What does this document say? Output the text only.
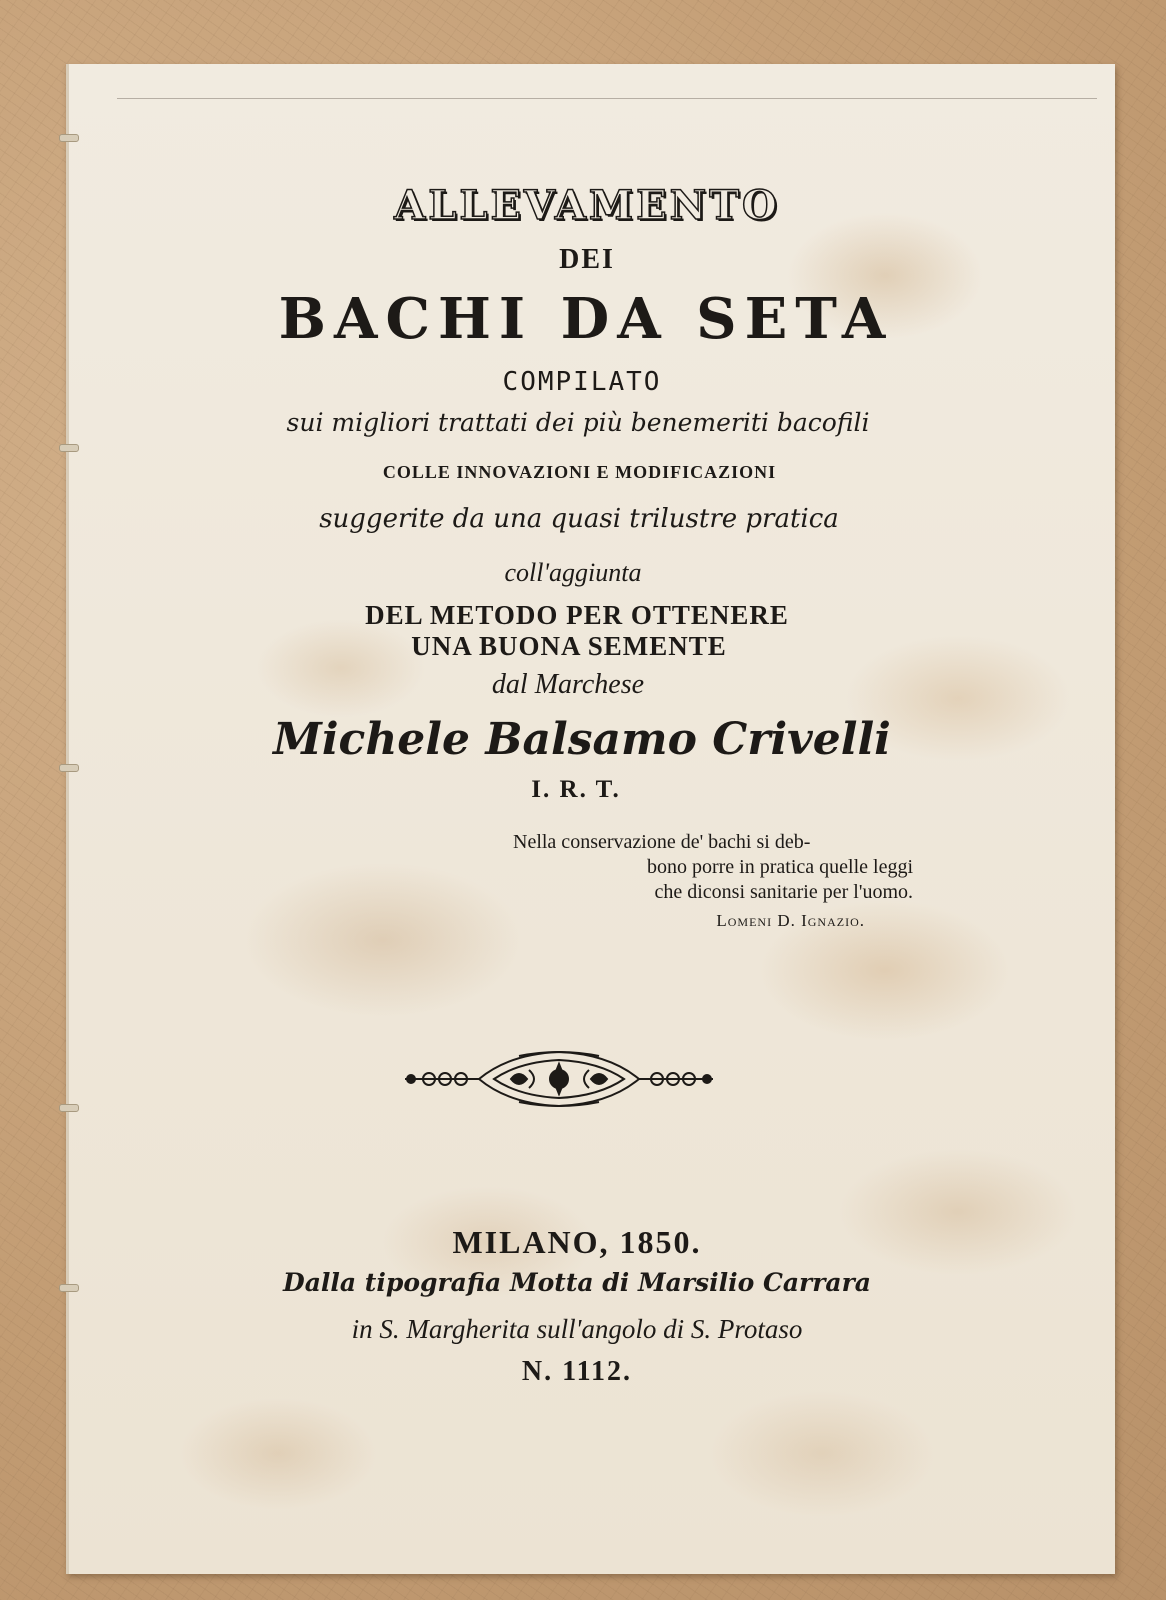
ALLEVAMENTO

DEI

BACHI DA SETA

COMPILATO

sui migliori trattati dei più benemeriti bacofili

COLLE INNOVAZIONI E MODIFICAZIONI

suggerite da una quasi trilustre pratica

coll'aggiunta

DEL METODO PER OTTENERE

UNA BUONA SEMENTE

dal Marchese

Michele Balsamo Crivelli

I. R. T.

Nella conservazione de' bachi si deb-
bono porre in pratica quelle leggi
che diconsi sanitarie per l'uomo.
Lomeni D. Ignazio.

MILANO, 1850.

Dalla tipografia Motta di Marsilio Carrara

in S. Margherita sull'angolo di S. Protaso

N. 1112.
